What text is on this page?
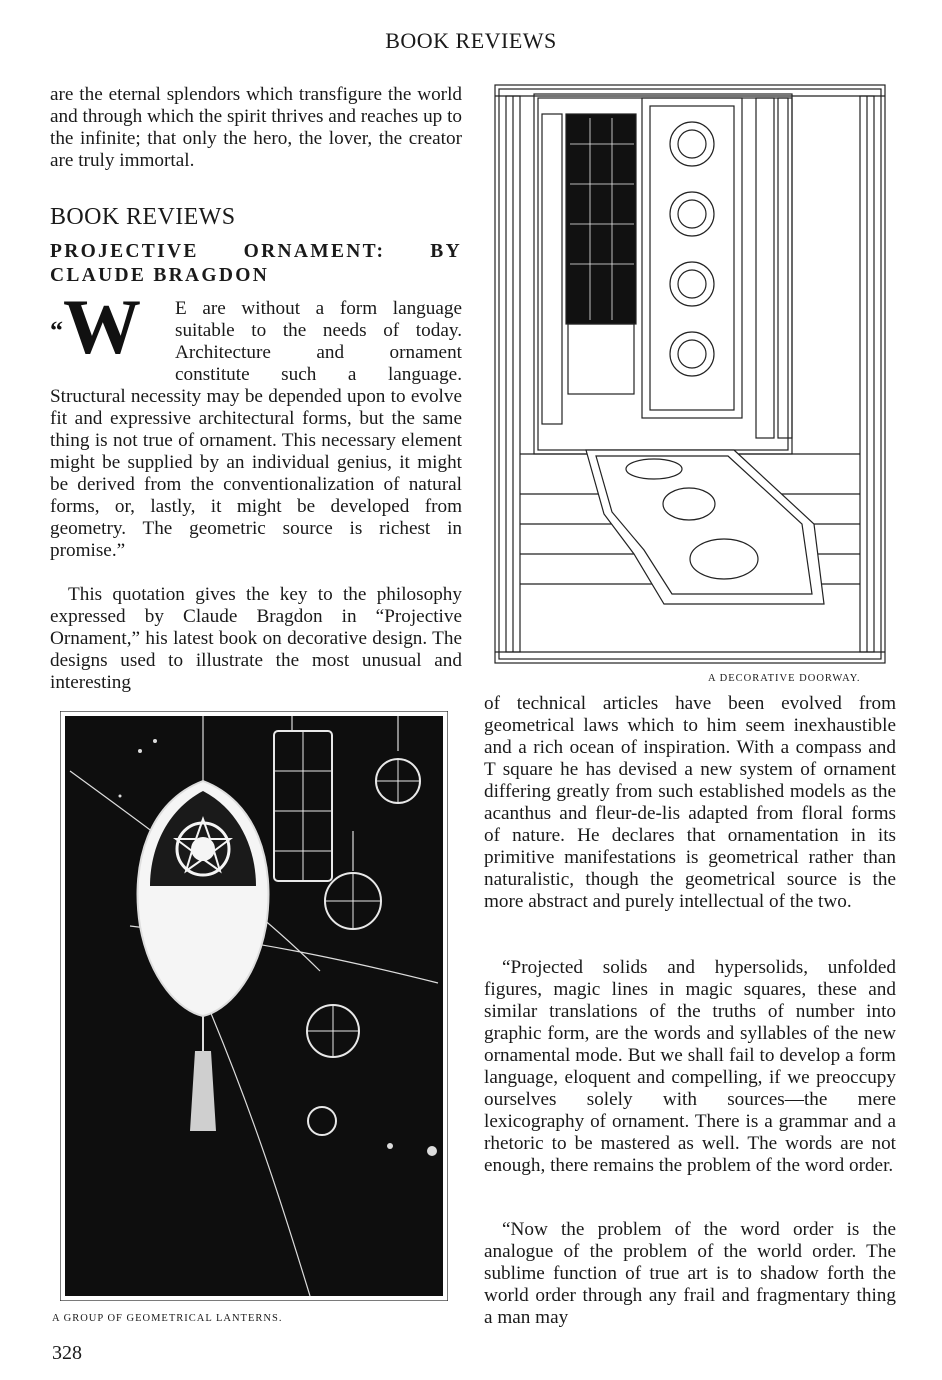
BOOK REVIEWS

are the eternal splendors which transfigure the world and through which the spirit thrives and reaches up to the infinite; that only the hero, the lover, the creator are truly immortal.

BOOK REVIEWS
PROJECTIVE ORNAMENT: BY CLAUDE BRAGDON
“W E are without a form language

suitable to the needs of today.

Architecture and ornament

constitute such a language.

Structural necessity may be depended upon to evolve fit and expressive architectural forms, but the same thing is not true of ornament. This necessary element might be supplied by an individual genius, it might be derived from the conventionalization of natural forms, or, lastly, it might be developed from geometry. The geometric source is richest in promise.”

This quotation gives the key to the philosophy expressed by Claude Bragdon in “Projective Ornament,” his latest book on decorative design. The designs used to illustrate the most unusual and interesting	A DECORATIVE DOORWAY.
A GROUP OF GEOMETRICAL LANTERNS.

of technical articles have been evolved from geometrical laws which to him seem inexhaustible and a rich ocean of inspiration. With a compass and T square he has devised a new system of ornament differing greatly from such established models as the acanthus and fleur-de-lis adapted from floral forms of nature. He declares that ornamentation in its primitive manifestations is geometrical rather than naturalistic, though the geometrical source is the more abstract and purely intellectual of the two.

“Projected solids and hypersolids, unfolded figures, magic lines in magic squares, these and similar translations of the truths of number into graphic form, are the words and syllables of the new ornamental mode. But we shall fail to develop a form language, eloquent and compelling, if we preoccupy ourselves solely with sources—the mere lexicography of ornament. There is a grammar and a rhetoric to be mastered as well. The words are not enough, there remains the problem of the word order.

“Now the problem of the word order is the analogue of the problem of the world order. The sublime function of true art is to shadow forth the world order through any frail and fragmentary thing a man may

328
